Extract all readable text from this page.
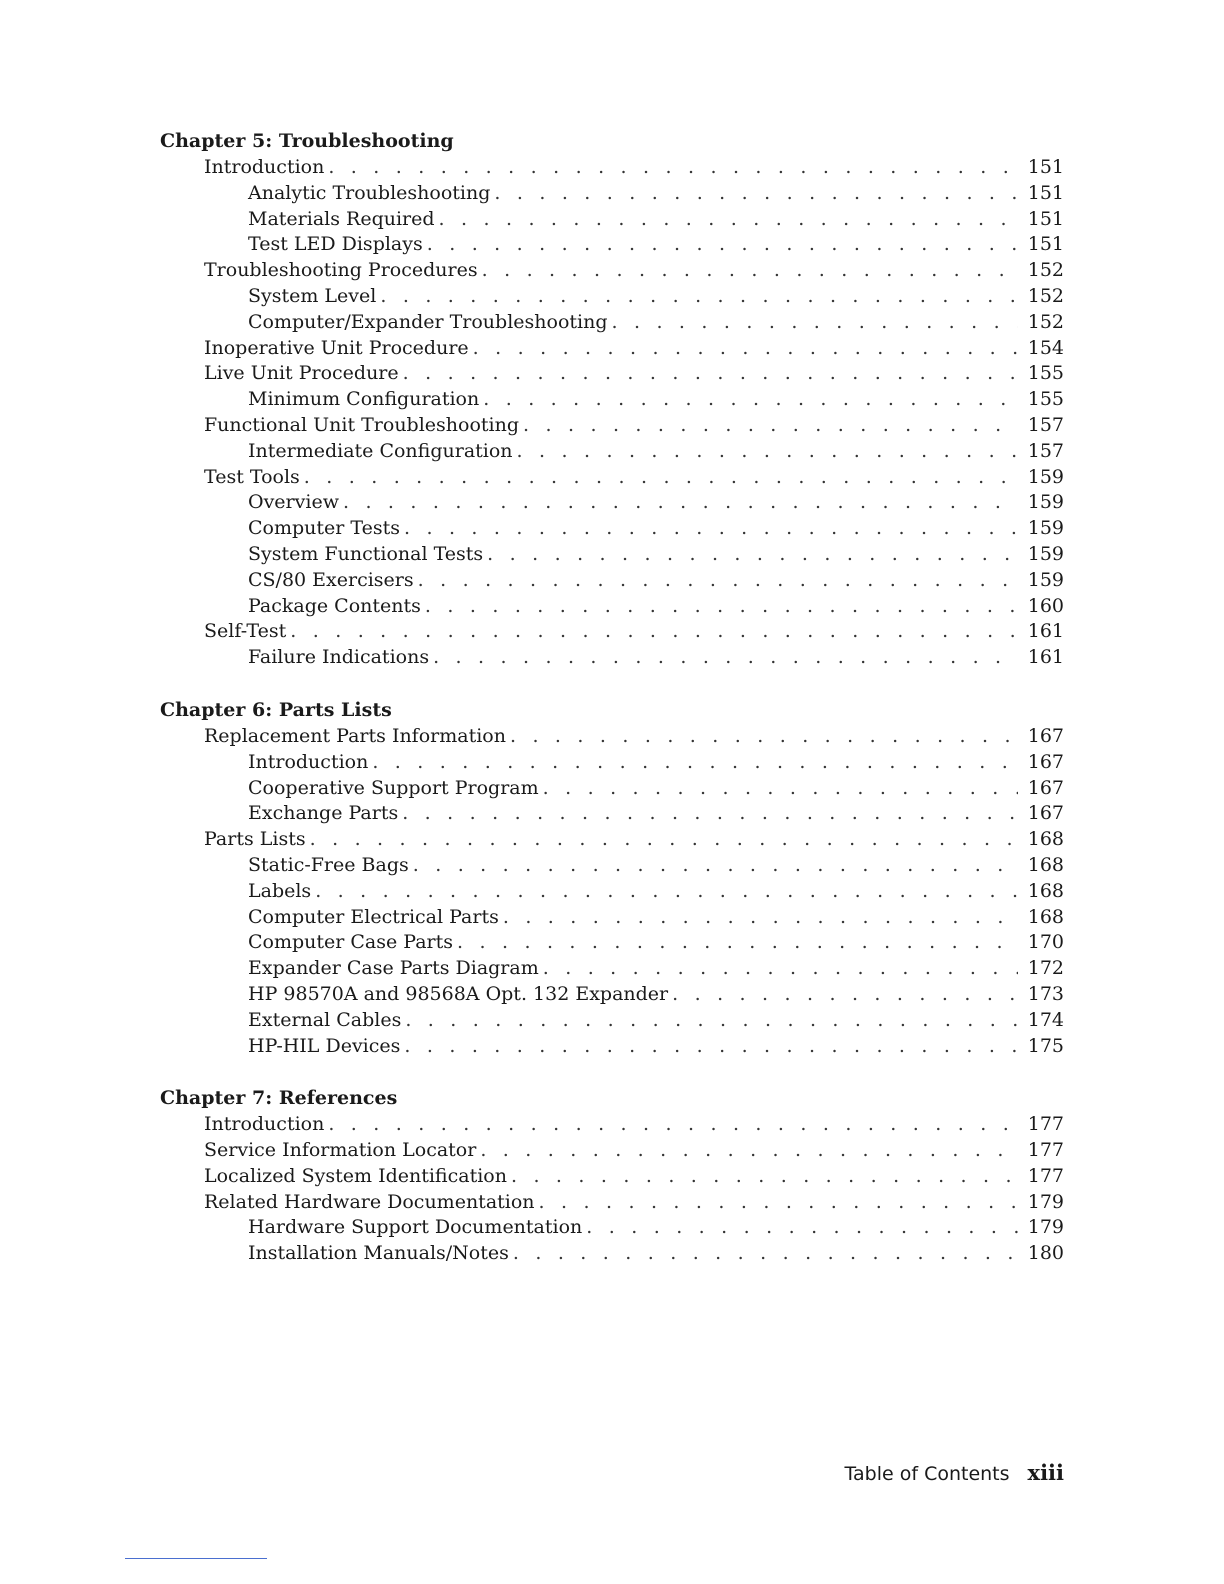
Chapter 5: Troubleshooting
Introduction . . .	151
Analytic Troubleshooting . . .	151
Materials Required . . .	151
Test LED Displays . . .	151
Troubleshooting Procedures . . .	152
System Level . . .	152
Computer/Expander Troubleshooting . . .	152
Inoperative Unit Procedure . . .	154
Live Unit Procedure . . .	155
Minimum Configuration . . .	155
Functional Unit Troubleshooting . . .	157
Intermediate Configuration . . .	157
Test Tools . . .	159
Overview . . .	159
Computer Tests . . .	159
System Functional Tests . . .	159
CS/80 Exercisers . . .	159
Package Contents . . .	160
Self-Test . . .	161
Failure Indications . . .	161
Chapter 6: Parts Lists
Replacement Parts Information . . .	167
Introduction . . .	167
Cooperative Support Program . . .	167
Exchange Parts . . .	167
Parts Lists . . .	168
Static-Free Bags . . .	168
Labels . . .	168
Computer Electrical Parts . . .	168
Computer Case Parts . . .	170
Expander Case Parts Diagram . . .	172
HP 98570A and 98568A Opt. 132 Expander . . .	173
External Cables . . .	174
HP-HIL Devices . . .	175
Chapter 7: References
Introduction . . .	177
Service Information Locator . . .	177
Localized System Identification . . .	177
Related Hardware Documentation . . .	179
Hardware Support Documentation . . .	179
Installation Manuals/Notes . . .	180
Table of Contents xiii
